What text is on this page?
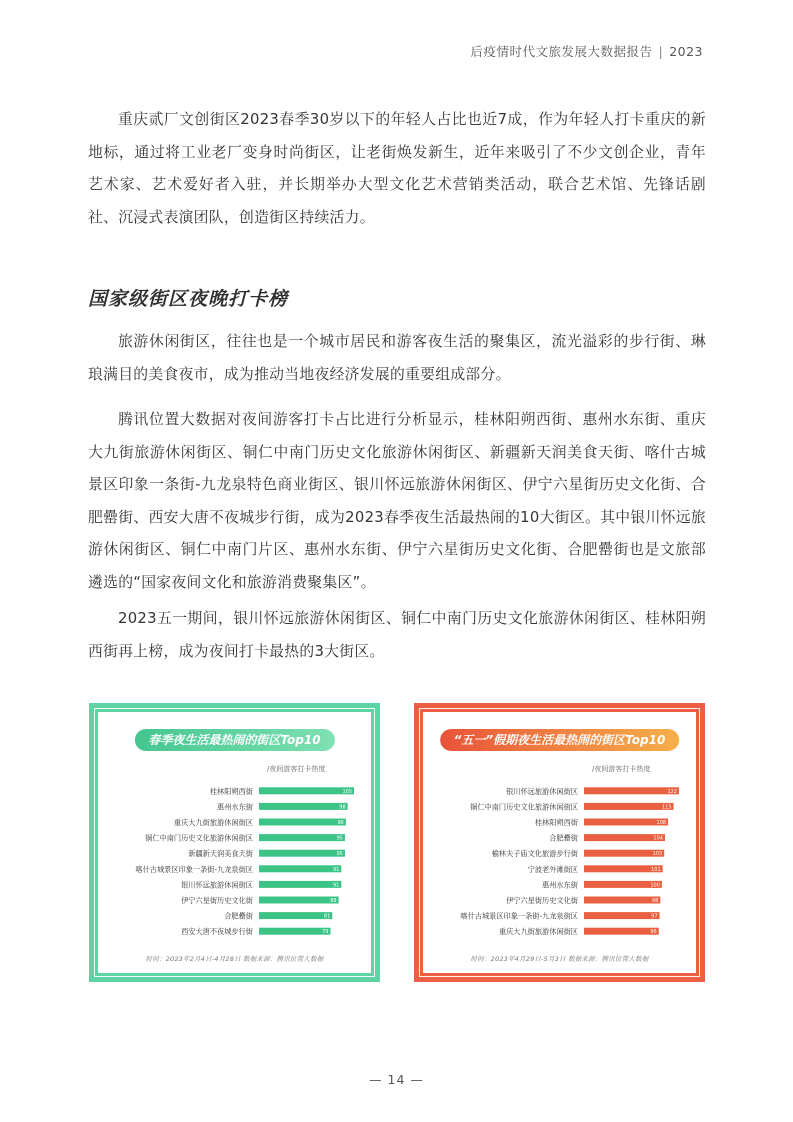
后疫情时代文旅发展大数据报告 | 2023

重庆贰厂文创街区2023春季30岁以下的年轻人占比也近7成，作为年轻人打卡重庆的新地标，通过将工业老厂变身时尚街区，让老街焕发新生，近年来吸引了不少文创企业，青年艺术家、艺术爱好者入驻，并长期举办大型文化艺术营销类活动，联合艺术馆、先锋话剧社、沉浸式表演团队，创造街区持续活力。

国家级街区夜晚打卡榜

旅游休闲街区，往往也是一个城市居民和游客夜生活的聚集区，流光溢彩的步行街、琳琅满目的美食夜市，成为推动当地夜经济发展的重要组成部分。

腾讯位置大数据对夜间游客打卡占比进行分析显示，桂林阳朔西街、惠州水东街、重庆大九街旅游休闲街区、铜仁中南门历史文化旅游休闲街区、新疆新天润美食天街、喀什古城景区印象一条街-九龙泉特色商业街区、银川怀远旅游休闲街区、伊宁六星街历史文化街、合肥罍街、西安大唐不夜城步行街，成为2023春季夜生活最热闹的10大街区。其中银川怀远旅游休闲街区、铜仁中南门片区、惠州水东街、伊宁六星街历史文化街、合肥罍街也是文旅部遴选的“国家夜间文化和旅游消费聚集区”。

2023五一期间，银川怀远旅游休闲街区、铜仁中南门历史文化旅游休闲街区、桂林阳朔西街再上榜，成为夜间打卡最热的3大街区。

春季夜生活最热闹的街区Top10
/夜间游客打卡热度
桂林阳朔西街	105
惠州水东街	98
重庆大九街旅游休闲街区	96
铜仁中南门历史文化旅游休闲街区	95
新疆新天润美食天街	95
喀什古城景区印象一条街-九龙泉街区	91
银川怀远旅游休闲街区	91
伊宁六星街历史文化街	88
合肥罍街	81
西安大唐不夜城步行街	79
时间：2023年2月4日-4月28日 数据来源：腾讯位置大数据
“五一”假期夜生活最热闹的街区Top10
/夜间游客打卡热度
银川怀远旅游休闲街区	122
铜仁中南门历史文化旅游休闲街区	115
桂林阳朔西街	108
合肥罍街	104
榆林夫子庙文化旅游步行街	103
宁波老外滩街区	101
惠州水东街	100
伊宁六星街历史文化街	98
喀什古城景区印象一条街-九龙泉街区	97
重庆大九街旅游休闲街区	96
时间：2023年4月29日-5月3日 数据来源：腾讯位置大数据
— 14 —
